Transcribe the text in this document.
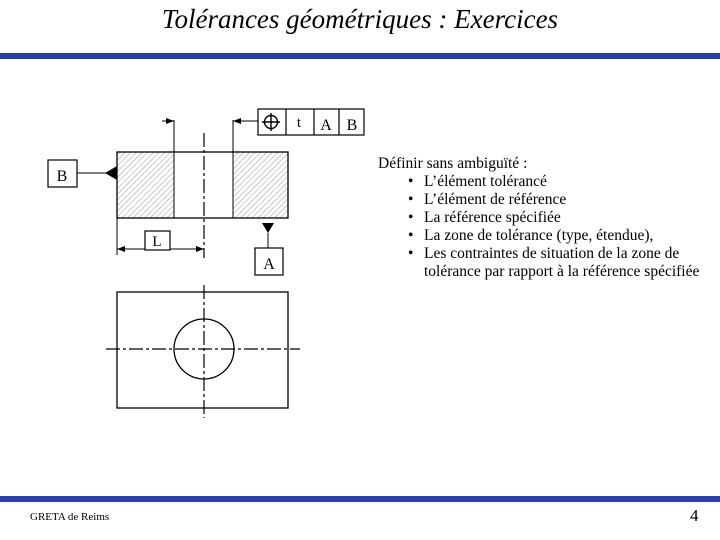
Tolérances géométriques : Exercices
t A B
B
A
L
Définir sans ambiguïté :
• L’élément tolérancé
• L’élément de référence
• La référence spécifiée
• La zone de tolérance (type, étendue),
• Les contraintes de situation de la zone de tolérance par rapport à la référence spécifiée
GRETA de Reims	4
